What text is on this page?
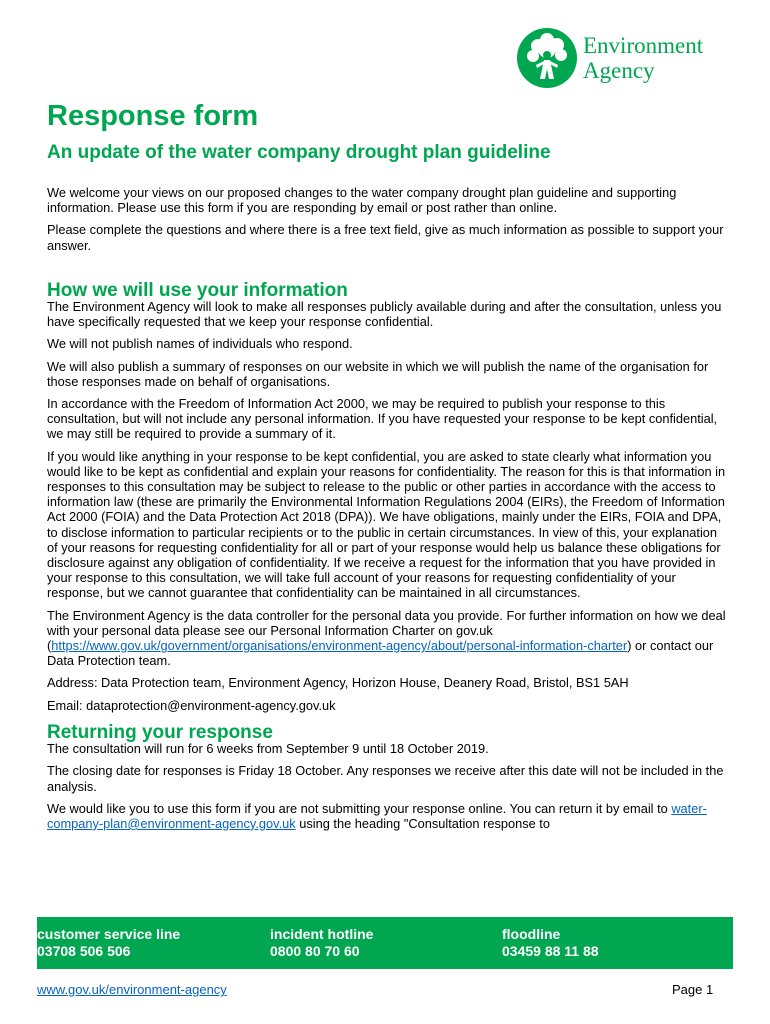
Environment
Agency
Response form
An update of the water company drought plan guideline

We welcome your views on our proposed changes to the water company drought plan guideline and supporting information. Please use this form if you are responding by email or post rather than online.

Please complete the questions and where there is a free text field, give as much information as possible to support your answer.

How we will use your information

The Environment Agency will look to make all responses publicly available during and after the consultation, unless you have specifically requested that we keep your response confidential.

We will not publish names of individuals who respond.

We will also publish a summary of responses on our website in which we will publish the name of the organisation for those responses made on behalf of organisations.

In accordance with the Freedom of Information Act 2000, we may be required to publish your response to this consultation, but will not include any personal information. If you have requested your response to be kept confidential, we may still be required to provide a summary of it.

If you would like anything in your response to be kept confidential, you are asked to state clearly what information you would like to be kept as confidential and explain your reasons for confidentiality. The reason for this is that information in responses to this consultation may be subject to release to the public or other parties in accordance with the access to information law (these are primarily the Environmental Information Regulations 2004 (EIRs), the Freedom of Information Act 2000 (FOIA) and the Data Protection Act 2018 (DPA)). We have obligations, mainly under the EIRs, FOIA and DPA, to disclose information to particular recipients or to the public in certain circumstances. In view of this, your explanation of your reasons for requesting confidentiality for all or part of your response would help us balance these obligations for disclosure against any obligation of confidentiality. If we receive a request for the information that you have provided in your response to this consultation, we will take full account of your reasons for requesting confidentiality of your response, but we cannot guarantee that confidentiality can be maintained in all circumstances.

The Environment Agency is the data controller for the personal data you provide. For further information on how we deal with your personal data please see our Personal Information Charter on gov.uk (https://www.gov.uk/government/organisations/environment-agency/about/personal-information-charter) or contact our Data Protection team.

Address: Data Protection team, Environment Agency, Horizon House, Deanery Road, Bristol, BS1 5AH

Email: dataprotection@environment-agency.gov.uk

Returning your response

The consultation will run for 6 weeks from September 9 until 18 October 2019.

The closing date for responses is Friday 18 October. Any responses we receive after this date will not be included in the analysis.

We would like you to use this form if you are not submitting your response online. You can return it by email to water-company-plan@environment-agency.gov.uk using the heading "Consultation response to

customer service line
03708 506 506
incident hotline
0800 80 70 60
floodline
03459 88 11 88
www.gov.uk/environment-agency	Page 1
